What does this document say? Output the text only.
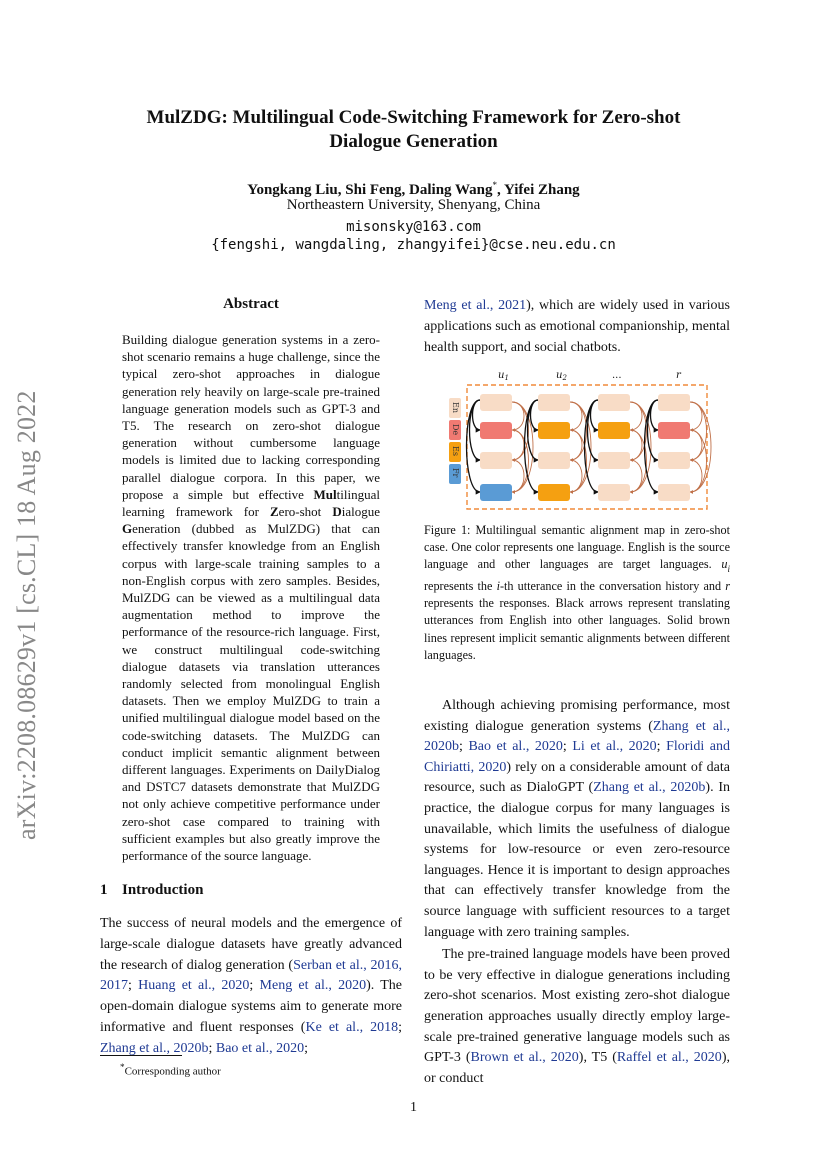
MulZDG: Multilingual Code-Switching Framework for Zero-shot
Dialogue Generation
Yongkang Liu, Shi Feng, Daling Wang*, Yifei Zhang
Northeastern University, Shenyang, China
misonsky@163.com
{fengshi, wangdaling, zhangyifei}@cse.neu.edu.cn
arXiv:2208.08629v1 [cs.CL] 18 Aug 2022
Abstract
Building dialogue generation systems in a zero-shot scenario remains a huge challenge, since the typical zero-shot approaches in dialogue generation rely heavily on large-scale pre-trained language generation models such as GPT-3 and T5. The research on zero-shot dialogue generation without cumbersome language models is limited due to lacking corresponding parallel dialogue corpora. In this paper, we propose a simple but effective Multilingual learning framework for Zero-shot Dialogue Generation (dubbed as MulZDG) that can effectively transfer knowledge from an English corpus with large-scale training samples to a non-English corpus with zero samples. Besides, MulZDG can be viewed as a multilingual data augmentation method to improve the performance of the resource-rich language. First, we construct multilingual code-switching dialogue datasets via translation utterances randomly selected from monolingual English datasets. Then we employ MulZDG to train a unified multilingual dialogue model based on the code-switching datasets. The MulZDG can conduct implicit semantic alignment between different languages. Experiments on DailyDialog and DSTC7 datasets demonstrate that MulZDG not only achieve competitive performance under zero-shot case compared to training with sufficient examples but also greatly improve the performance of the source language.
1 Introduction
The success of neural models and the emergence of large-scale dialogue datasets have greatly advanced the research of dialog generation (Serban et al., 2016, 2017; Huang et al., 2020; Meng et al., 2020). The open-domain dialogue systems aim to generate more informative and fluent responses (Ke et al., 2018; Zhang et al., 2020b; Bao et al., 2020;
*Corresponding author
Meng et al., 2021), which are widely used in various applications such as emotional companionship, mental health support, and social chatbots.
$u_1$	$u_2$	...	r
En
De
Es
Fr
Figure 1: Multilingual semantic alignment map in zero-shot case. One color represents one language. English is the source language and other languages are target languages. $u_i$ represents the i-th utterance in the conversation history and r represents the responses. Black arrows represent translating utterances from English into other languages. Solid brown lines represent implicit semantic alignments between different languages.

Although achieving promising performance, most existing dialogue generation systems (Zhang et al., 2020b; Bao et al., 2020; Li et al., 2020; Floridi and Chiriatti, 2020) rely on a considerable amount of data resource, such as DialoGPT (Zhang et al., 2020b). In practice, the dialogue corpus for many languages is unavailable, which limits the usefulness of dialogue systems for low-resource or even zero-resource languages. Hence it is important to design approaches that can effectively transfer knowledge from the source language with sufficient resources to a target language with zero training samples.

The pre-trained language models have been proved to be very effective in dialogue generations including zero-shot scenarios. Most existing zero-shot dialogue generation approaches usually directly employ large-scale pre-trained generative language models such as GPT-3 (Brown et al., 2020), T5 (Raffel et al., 2020), or conduct

1
